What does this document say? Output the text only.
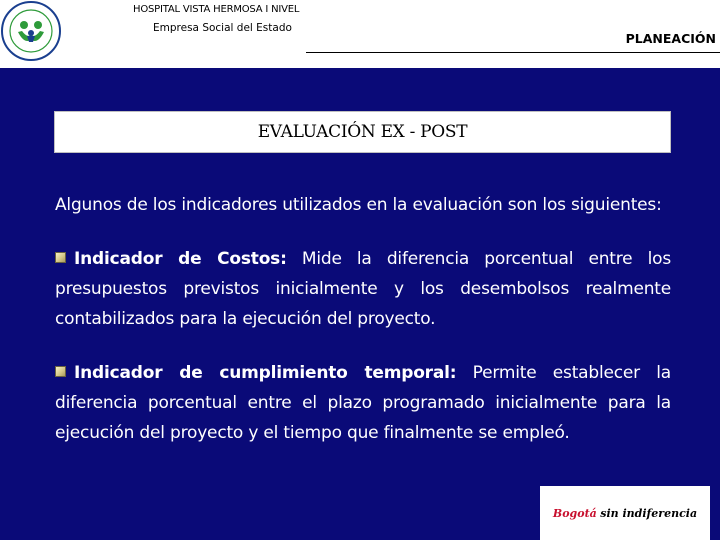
HOSPITAL VISTA HERMOSA I NIVEL
Empresa Social del Estado
PLANEACIÓN
EVALUACIÓN EX - POST

Algunos de los indicadores utilizados en la evaluación son los siguientes:

Indicador de Costos: Mide la diferencia porcentual entre los presupuestos previstos inicialmente y los desembolsos realmente contabilizados para la ejecución del proyecto.

Indicador de cumplimiento temporal: Permite establecer la diferencia porcentual entre el plazo programado inicialmente para la ejecución del proyecto y el tiempo que finalmente se empleó.

Bogotá
sin indiferencia
